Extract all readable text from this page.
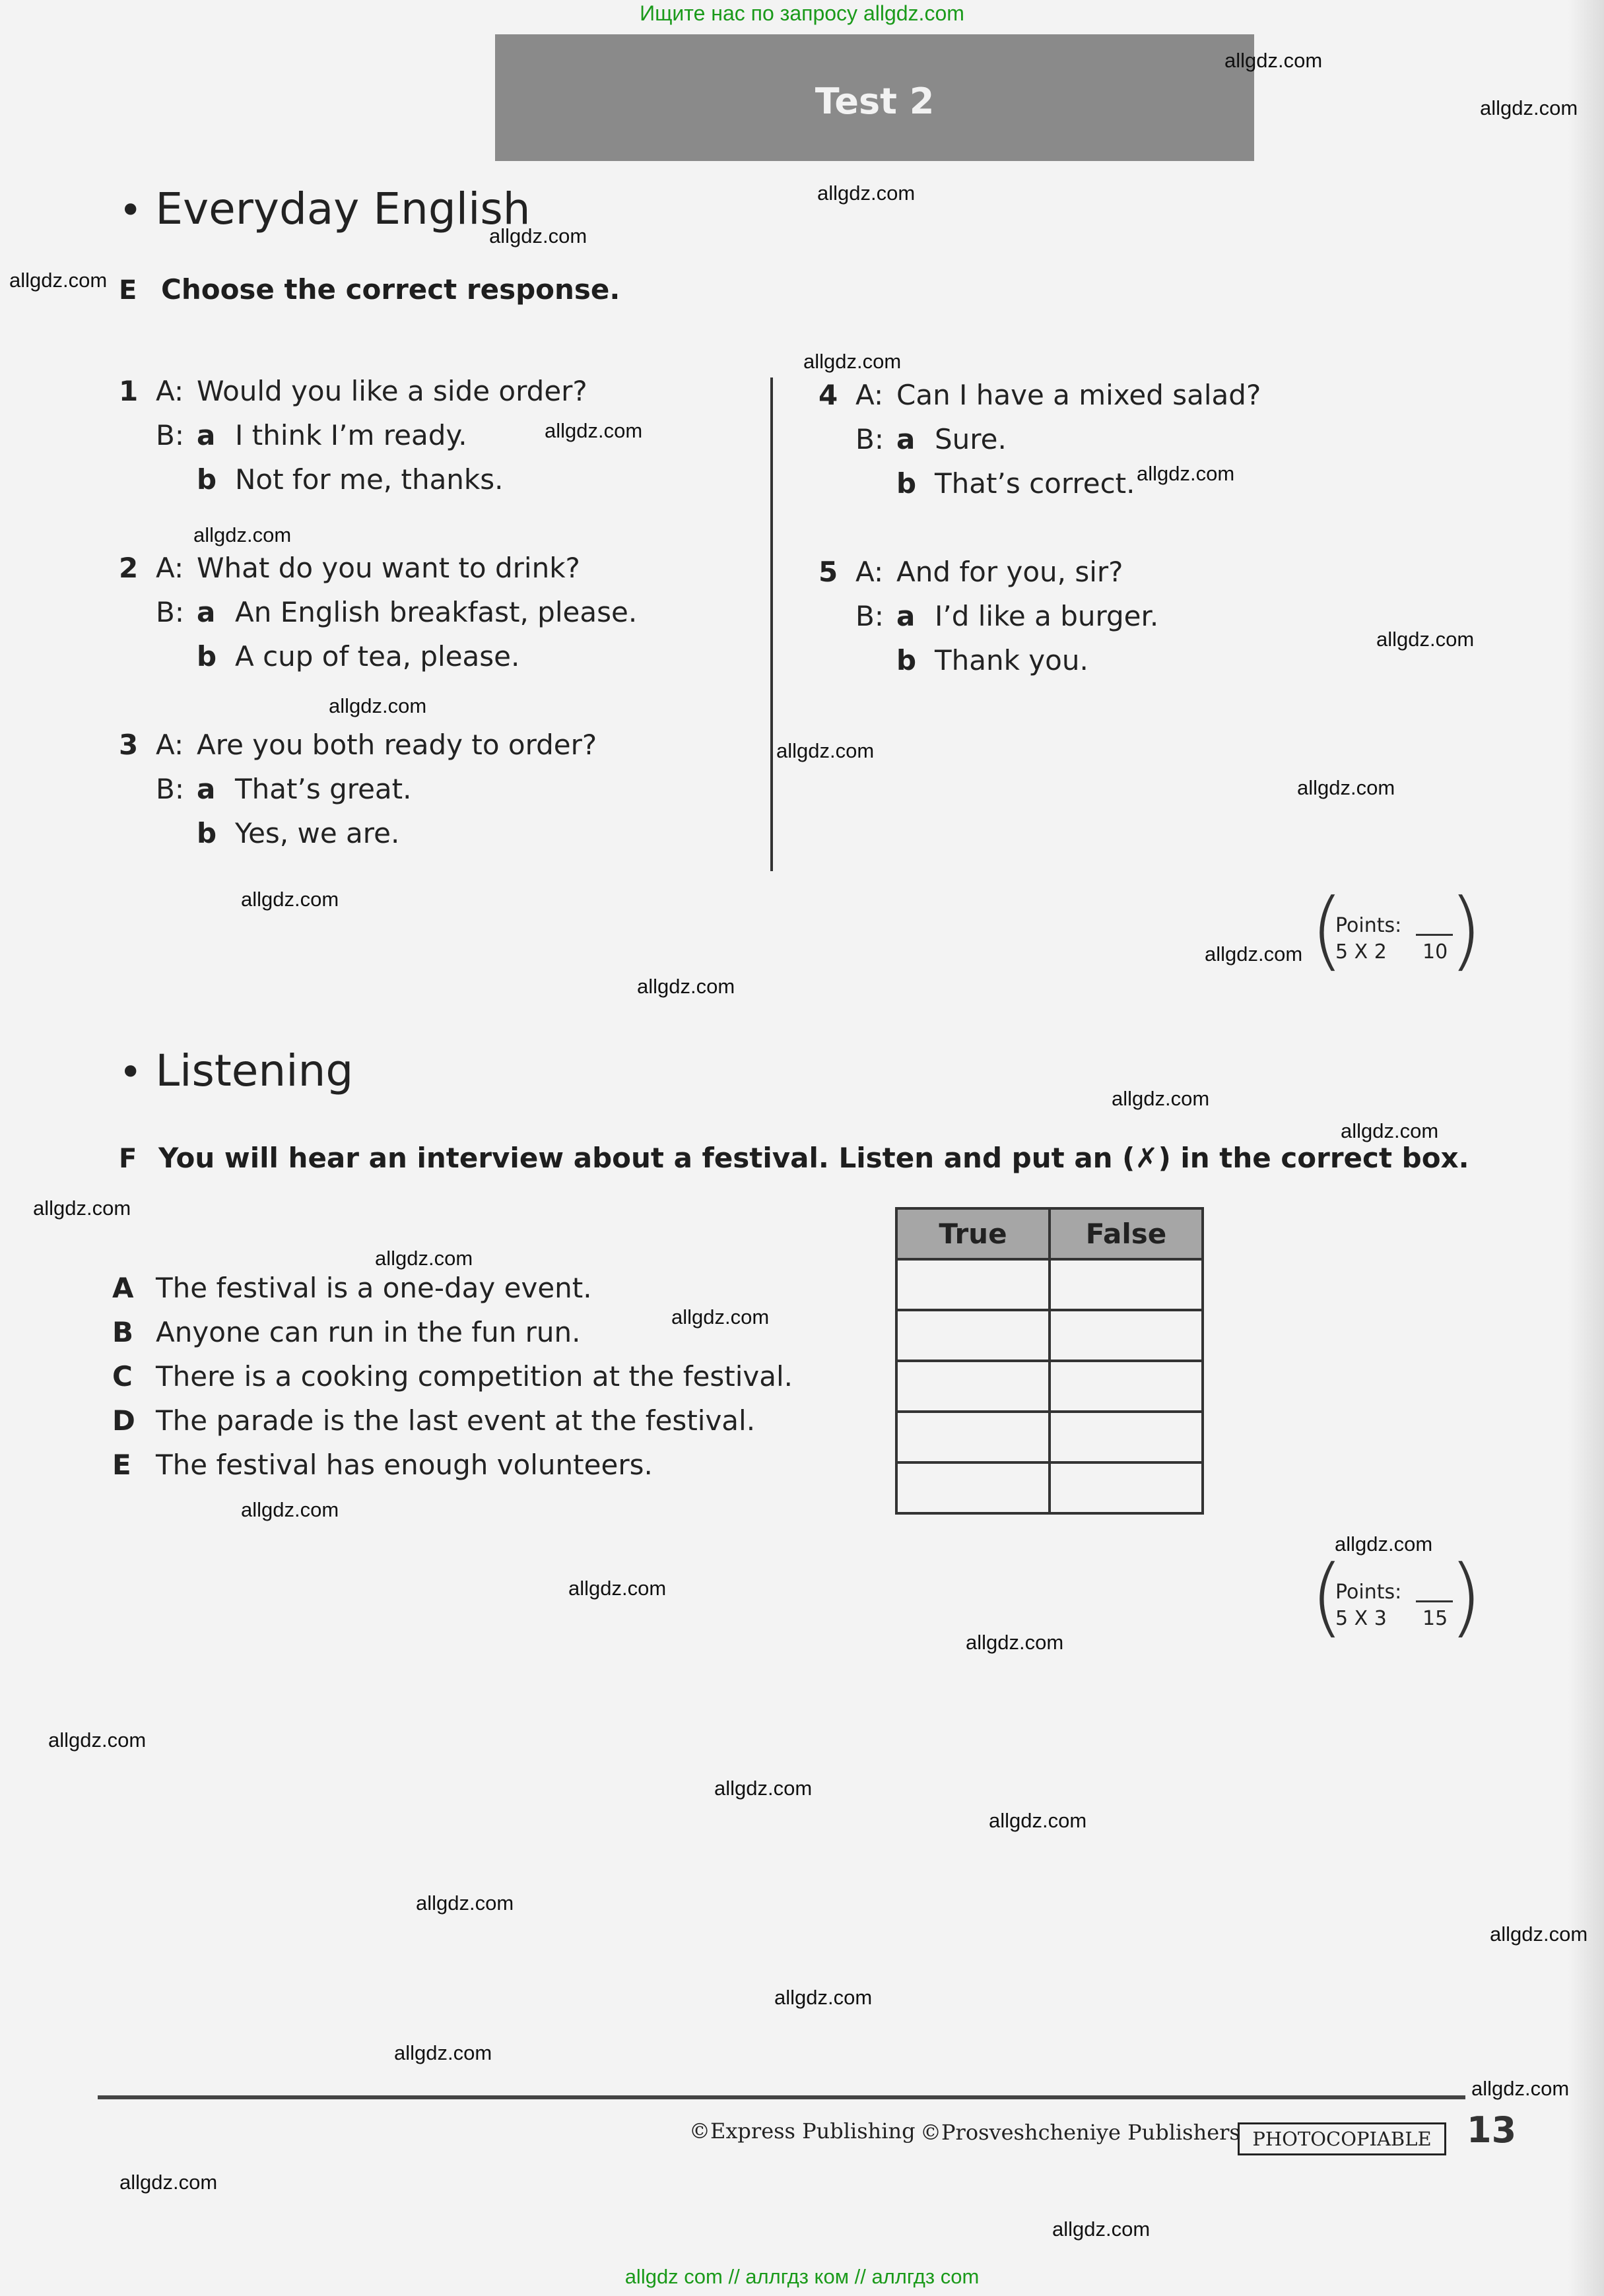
Ищите нас по запросу allgdz.com
Test 2
• Everyday English
E Choose the correct response.
1 A: Would you like a side order?
B: a I think I’m ready.
b Not for me, thanks.
2 A: What do you want to drink?
B: a An English breakfast, please.
b A cup of tea, please.
3 A: Are you both ready to order?
B: a That’s great.
b Yes, we are.
4 A: Can I have a mixed salad?
B: a Sure.
b That’s correct.
5 A: And for you, sir?
B: a I’d like a burger.
b Thank you.
(
Points:
5 X 2 10 )
• Listening
F You will hear an interview about a festival. Listen and put an (✗) in the correct box.
A The festival is a one-day event.
B Anyone can run in the fun run.
C There is a cooking competition at the festival.
D The parade is the last event at the festival.
E The festival has enough volunteers.
True	False

(
Points:
5 X 3 15 )
©Express Publishing ©Prosveshcheniye Publishers PHOTOCOPIABLE 13
allgdz.com
allgdz.com
allgdz.com
allgdz.com
allgdz.com
allgdz.com
allgdz.com
allgdz.com
allgdz.com
allgdz.com
allgdz.com
allgdz.com
allgdz.com
allgdz.com
allgdz.com
allgdz.com
allgdz.com
allgdz.com
allgdz.com
allgdz.com
allgdz.com
allgdz.com
allgdz.com
allgdz.com
allgdz.com
allgdz.com
allgdz.com
allgdz.com
allgdz.com
allgdz.com
allgdz.com
allgdz.com
allgdz.com
allgdz.com
allgdz.com
allgdz com // аллгдз ком // аллгдз com
